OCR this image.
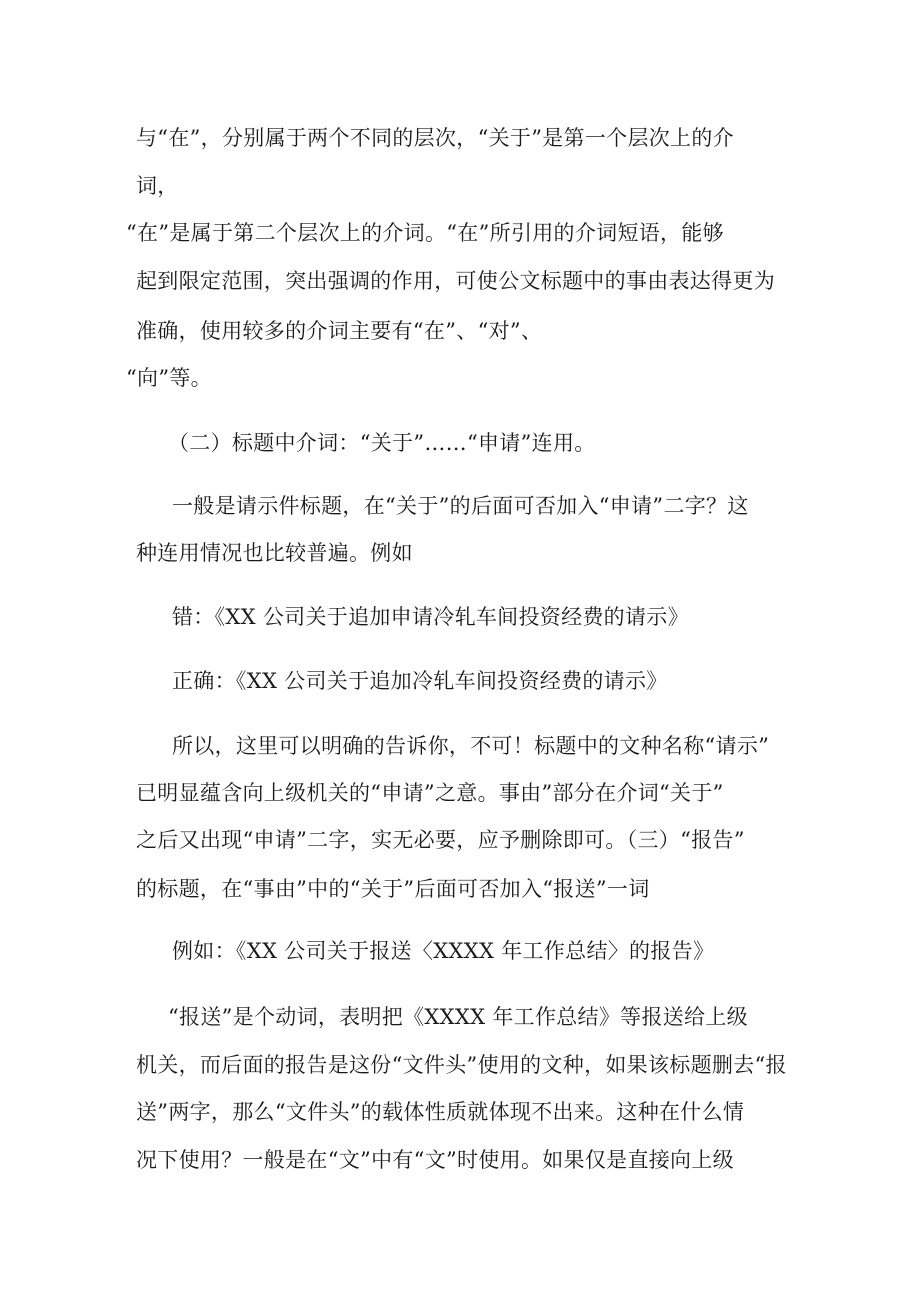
与“在”，分别属于两个不同的层次，“关于”是第一个层次上的介
词，
“在”是属于第二个层次上的介词。“在”所引用的介词短语，能够
起到限定范围，突出强调的作用，可使公文标题中的事由表达得更为
准确，使用较多的介词主要有“在”、“对”、
“向”等。
（二）标题中介词：“关于”……“申请”连用。
一般是请示件标题，在“关于”的后面可否加入“申请”二字？这
种连用情况也比较普遍。例如
错：《XX 公司关于追加申请冷轧车间投资经费的请示》
正确：《XX 公司关于追加冷轧车间投资经费的请示》
所以，这里可以明确的告诉你，不可！标题中的文种名称“请示”
已明显蕴含向上级机关的“申请”之意。事由”部分在介词“关于”
之后又出现“申请”二字，实无必要，应予删除即可。（三）“报告”
的标题，在“事由”中的“关于”后面可否加入“报送”一词
例如：《XX 公司关于报送〈XXXX 年工作总结〉的报告》
“报送”是个动词，表明把《XXXX 年工作总结》等报送给上级
机关，而后面的报告是这份“文件头”使用的文种，如果该标题删去“报
送”两字，那么“文件头”的载体性质就体现不出来。这种在什么情
况下使用？一般是在“文”中有“文”时使用。如果仅是直接向上级
